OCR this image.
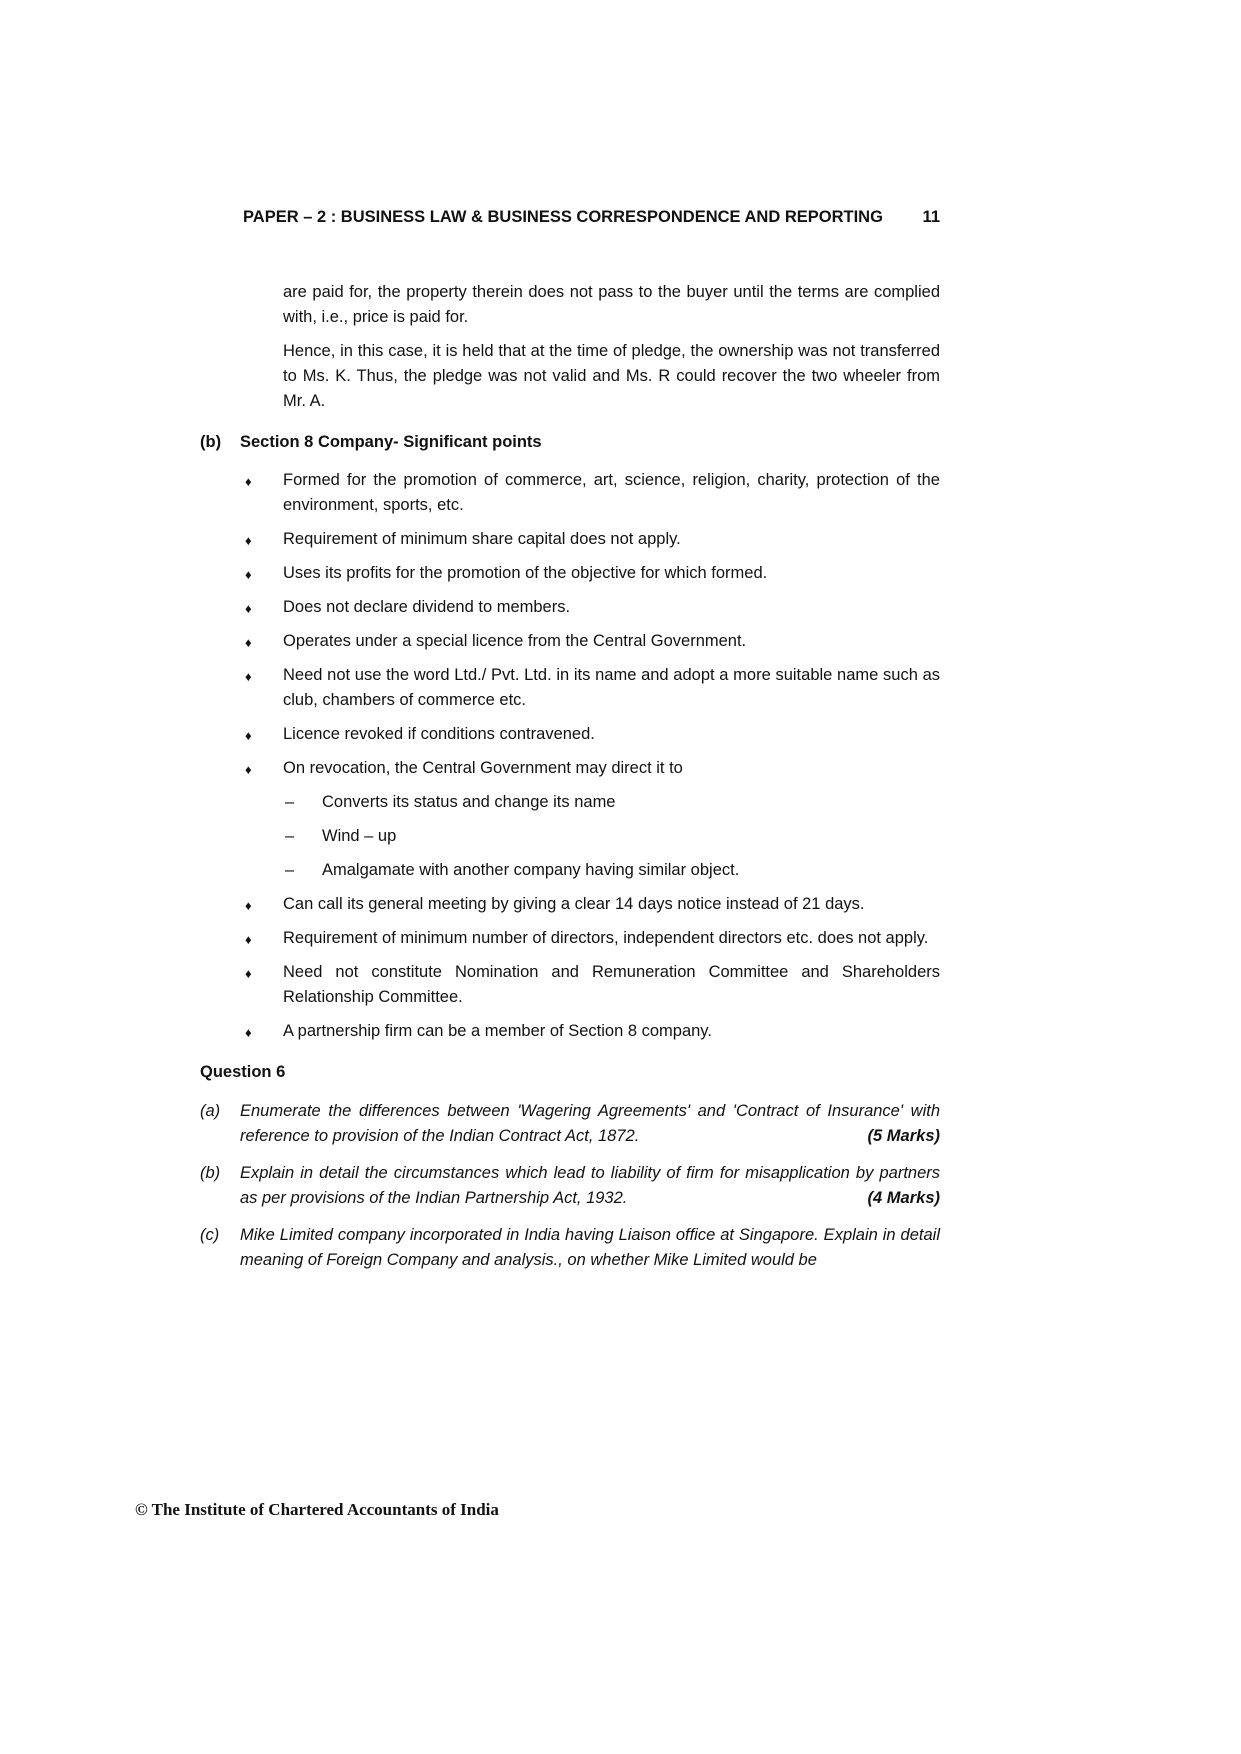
PAPER – 2 : BUSINESS LAW & BUSINESS CORRESPONDENCE AND REPORTING	11

are paid for, the property therein does not pass to the buyer until the terms are complied with, i.e., price is paid for.

Hence, in this case, it is held that at the time of pledge, the ownership was not transferred to Ms. K. Thus, the pledge was not valid and Ms. R could recover the two wheeler from Mr. A.

(b) Section 8 Company- Significant points
♦ Formed for the promotion of commerce, art, science, religion, charity, protection of the environment, sports, etc.
♦ Requirement of minimum share capital does not apply.
♦ Uses its profits for the promotion of the objective for which formed.
♦ Does not declare dividend to members.
♦ Operates under a special licence from the Central Government.
♦ Need not use the word Ltd./ Pvt. Ltd. in its name and adopt a more suitable name such as club, chambers of commerce etc.
♦ Licence revoked if conditions contravened.
♦ On revocation, the Central Government may direct it to
– Converts its status and change its name
– Wind – up
– Amalgamate with another company having similar object.
♦ Can call its general meeting by giving a clear 14 days notice instead of 21 days.
♦ Requirement of minimum number of directors, independent directors etc. does not apply.
♦ Need not constitute Nomination and Remuneration Committee and Shareholders Relationship Committee.
♦ A partnership firm can be a member of Section 8 company.
Question 6
(a) Enumerate the differences between 'Wagering Agreements' and 'Contract of Insurance' with reference to provision of the Indian Contract Act, 1872.	(5 Marks)
(b) Explain in detail the circumstances which lead to liability of firm for misapplication by partners as per provisions of the Indian Partnership Act, 1932.	(4 Marks)
(c) Mike Limited company incorporated in India having Liaison office at Singapore. Explain in detail meaning of Foreign Company and analysis., on whether Mike Limited would be
© The Institute of Chartered Accountants of India
